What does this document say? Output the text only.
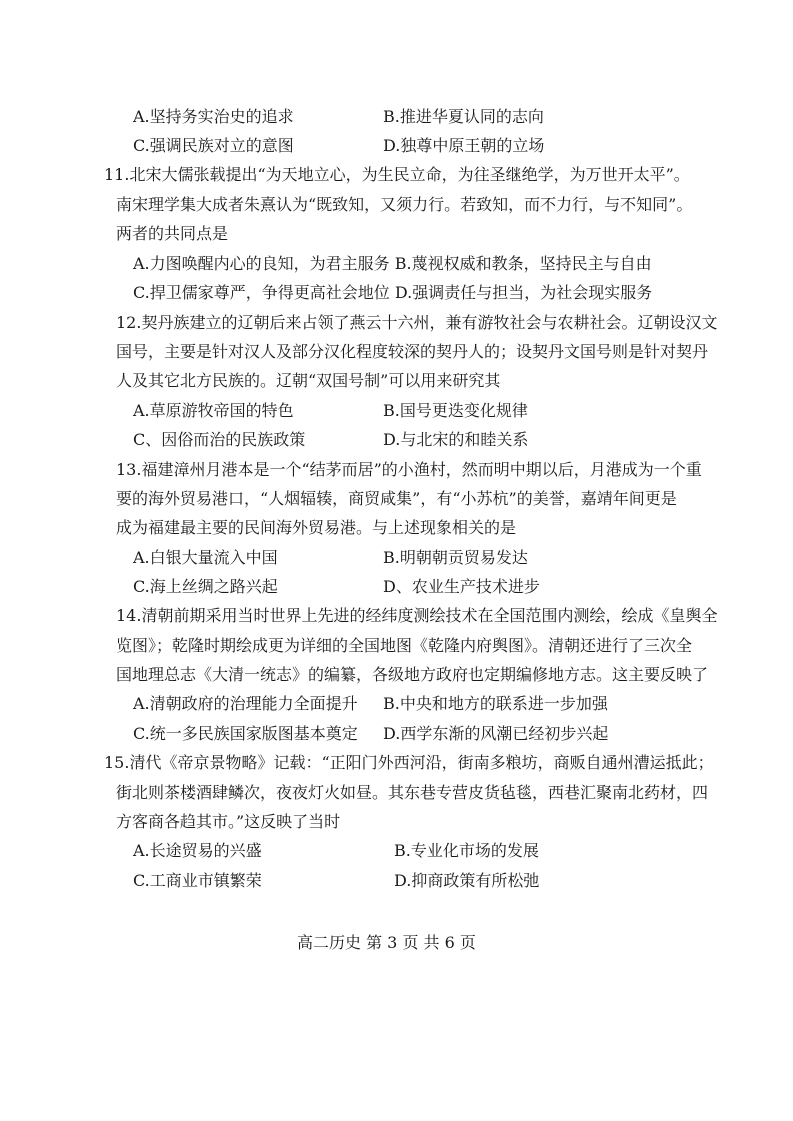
A.坚持务实治史的追求	B.推进华夏认同的志向
C.强调民族对立的意图	D.独尊中原王朝的立场
11.北宋大儒张载提出“为天地立心，为生民立命，为往圣继绝学，为万世开太平”。
南宋理学集大成者朱熹认为“既致知，又须力行。若致知，而不力行，与不知同”。
两者的共同点是
A.力图唤醒内心的良知，为君主服务 B.蔑视权威和教条，坚持民主与自由
C.捍卫儒家尊严，争得更高社会地位 D.强调责任与担当，为社会现实服务
12.契丹族建立的辽朝后来占领了燕云十六州，兼有游牧社会与农耕社会。辽朝设汉文
国号，主要是针对汉人及部分汉化程度较深的契丹人的；设契丹文国号则是针对契丹
人及其它北方民族的。辽朝“双国号制”可以用来研究其
A.草原游牧帝国的特色	B.国号更迭变化规律
C、因俗而治的民族政策	D.与北宋的和睦关系
13.福建漳州月港本是一个“结茅而居”的小渔村，然而明中期以后，月港成为一个重
要的海外贸易港口，“人烟辐辏，商贸咸集”，有“小苏杭”的美誉，嘉靖年间更是
成为福建最主要的民间海外贸易港。与上述现象相关的是
A.白银大量流入中国	B.明朝朝贡贸易发达
C.海上丝绸之路兴起	D、农业生产技术进步
14.清朝前期采用当时世界上先进的经纬度测绘技术在全国范围内测绘，绘成《皇舆全
览图》；乾隆时期绘成更为详细的全国地图《乾隆内府舆图》。清朝还进行了三次全
国地理总志《大清一统志》的编纂，各级地方政府也定期编修地方志。这主要反映了
A.清朝政府的治理能力全面提升 B.中央和地方的联系进一步加强
C.统一多民族国家版图基本奠定 D.西学东渐的风潮已经初步兴起
15.清代《帝京景物略》记载：“正阳门外西河沿，街南多粮坊，商贩自通州漕运抵此；
街北则茶楼酒肆鳞次，夜夜灯火如昼。其东巷专营皮货毡毯，西巷汇聚南北药材，四
方客商各趋其市。”这反映了当时
A.长途贸易的兴盛	B.专业化市场的发展
C.工商业市镇繁荣	D.抑商政策有所松弛
高二历史 第 3 页 共 6 页
